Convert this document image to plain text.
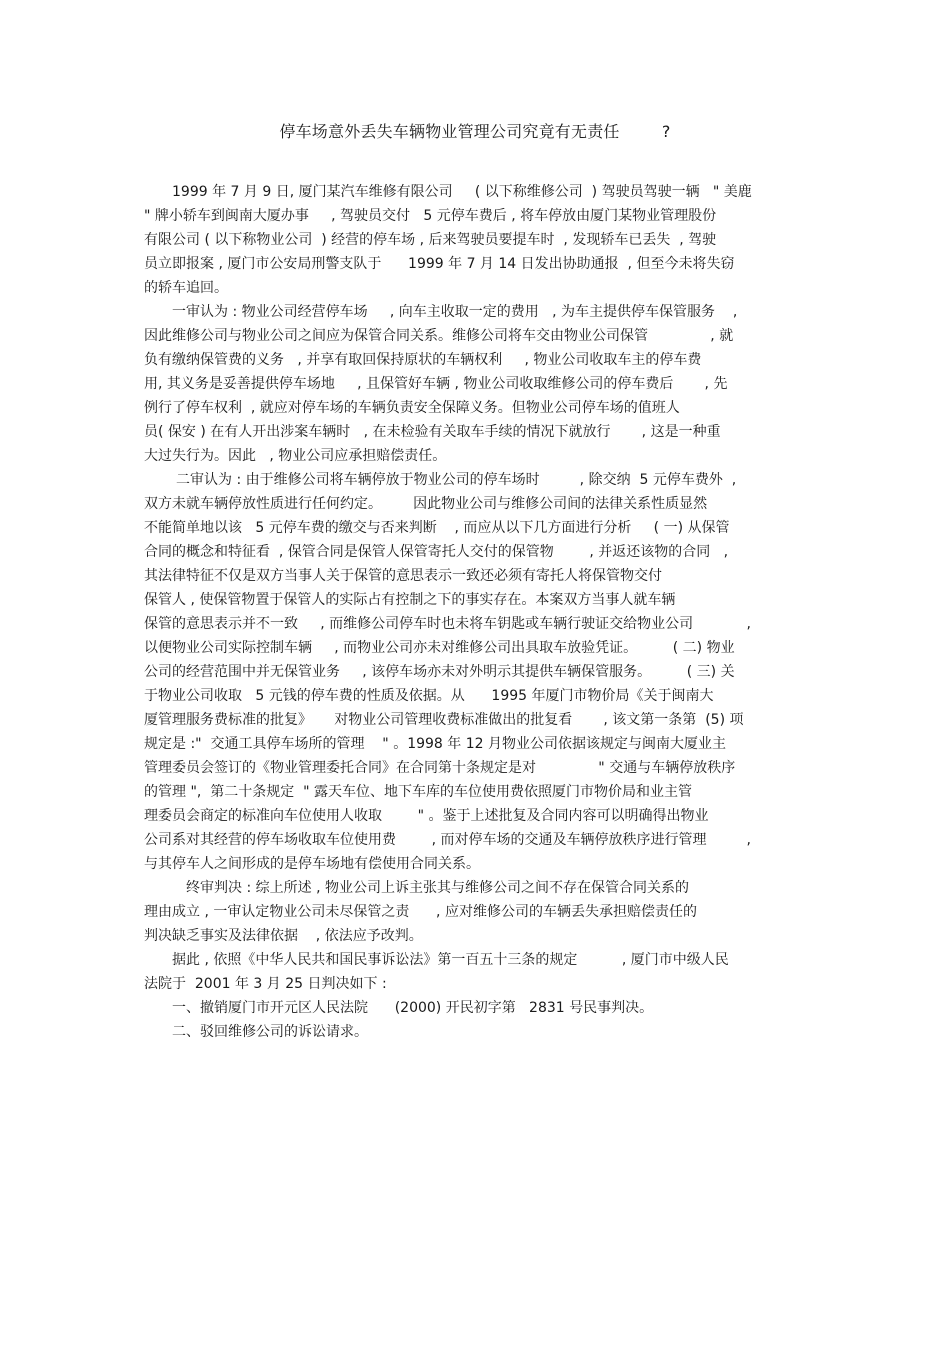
停车场意外丢失车辆物业管理公司究竟有无责任        ?
1999 年 7 月 9 日, 厦门某汽车维修有限公司     ( 以下称维修公司  ) 驾驶员驾驶一辆   " 美鹿
" 牌小轿车到闽南大厦办事     , 驾驶员交付   5 元停车费后 , 将车停放由厦门某物业管理股份
有限公司 ( 以下称物业公司  ) 经营的停车场 , 后来驾驶员要提车时  , 发现轿车已丢失  , 驾驶
员立即报案 , 厦门市公安局刑警支队于      1999 年 7 月 14 日发出协助通报  , 但至今未将失窃
的轿车追回。
一审认为 : 物业公司经营停车场     , 向车主收取一定的费用   , 为车主提供停车保管服务    ,
因此维修公司与物业公司之间应为保管合同关系。维修公司将车交由物业公司保管              , 就
负有缴纳保管费的义务   , 并享有取回保持原状的车辆权利     , 物业公司收取车主的停车费
用, 其义务是妥善提供停车场地     , 且保管好车辆 , 物业公司收取维修公司的停车费后       , 先
例行了停车权利  , 就应对停车场的车辆负责安全保障义务。但物业公司停车场的值班人
员( 保安 ) 在有人开出涉案车辆时   , 在未检验有关取车手续的情况下就放行       , 这是一种重
大过失行为。因此   , 物业公司应承担赔偿责任。
二审认为 : 由于维修公司将车辆停放于物业公司的停车场时         , 除交纳  5 元停车费外  ,
双方未就车辆停放性质进行任何约定。       因此物业公司与维修公司间的法律关系性质显然
不能简单地以该   5 元停车费的缴交与否来判断    , 而应从以下几方面进行分析     ( 一) 从保管
合同的概念和特征看  , 保管合同是保管人保管寄托人交付的保管物        , 并返还该物的合同   ,
其法律特征不仅是双方当事人关于保管的意思表示一致还必须有寄托人将保管物交付
保管人 , 使保管物置于保管人的实际占有控制之下的事实存在。本案双方当事人就车辆
保管的意思表示并不一致     , 而维修公司停车时也未将车钥匙或车辆行驶证交给物业公司            ,
以便物业公司实际控制车辆     , 而物业公司亦未对维修公司出具取车放验凭证。        ( 二) 物业
公司的经营范围中并无保管业务     , 该停车场亦未对外明示其提供车辆保管服务。        ( 三) 关
于物业公司收取   5 元钱的停车费的性质及依据。从      1995 年厦门市物价局《关于闽南大
厦管理服务费标准的批复》     对物业公司管理收费标准做出的批复看       , 该文第一条第  (5) 项
规定是 :"  交通工具停车场所的管理    " 。1998 年 12 月物业公司依据该规定与闽南大厦业主
管理委员会签订的《物业管理委托合同》在合同第十条规定是对              " 交通与车辆停放秩序
的管理 ",  第二十条规定  " 露天车位、地下车库的车位使用费依照厦门市物价局和业主管
理委员会商定的标准向车位使用人收取        " 。鉴于上述批复及合同内容可以明确得出物业
公司系对其经营的停车场收取车位使用费        , 而对停车场的交通及车辆停放秩序进行管理         ,
与其停车人之间形成的是停车场地有偿使用合同关系。
终审判决 : 综上所述 , 物业公司上诉主张其与维修公司之间不存在保管合同关系的
理由成立 , 一审认定物业公司未尽保管之责      , 应对维修公司的车辆丢失承担赔偿责任的
判决缺乏事实及法律依据    , 依法应予改判。
据此 , 依照《中华人民共和国民事诉讼法》第一百五十三条的规定          , 厦门市中级人民
法院于  2001 年 3 月 25 日判决如下 :
一、撤销厦门市开元区人民法院      (2000) 开民初字第   2831 号民事判决。
二、驳回维修公司的诉讼请求。
